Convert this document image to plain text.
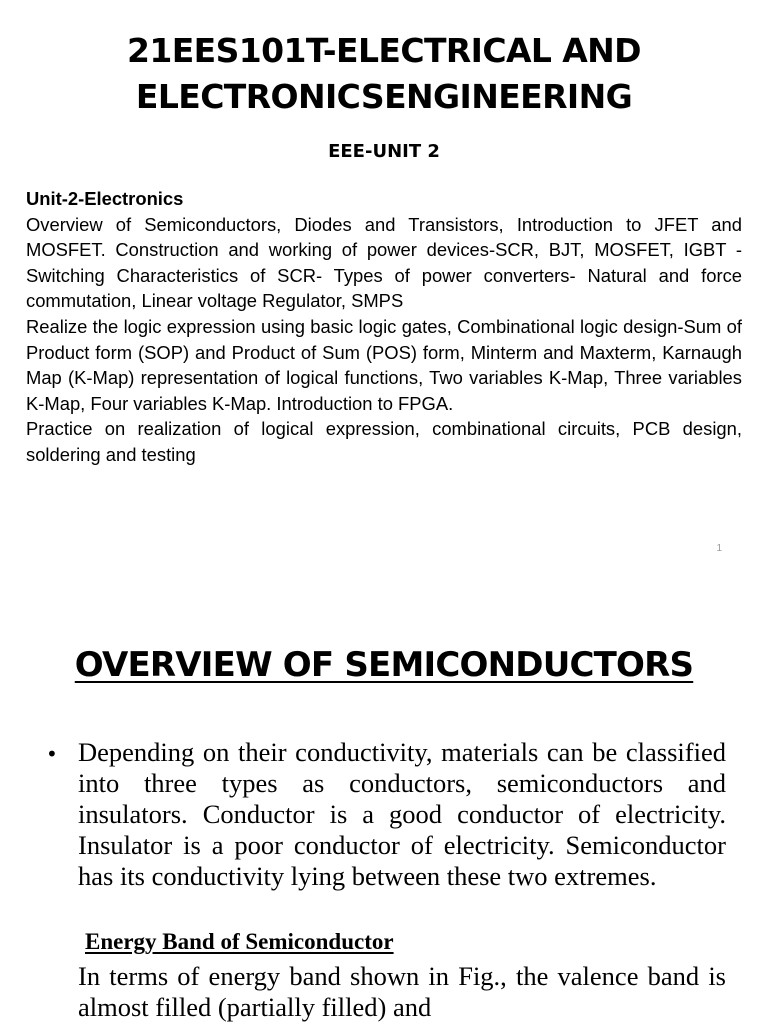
21EES101T-ELECTRICAL AND
ELECTRONICSENGINEERING
EEE-UNIT 2

Unit-2-Electronics

Overview of Semiconductors, Diodes and Transistors, Introduction to JFET and MOSFET. Construction and working of power devices-SCR, BJT, MOSFET, IGBT -Switching Characteristics of SCR- Types of power converters- Natural and force commutation, Linear voltage Regulator, SMPS

Realize the logic expression using basic logic gates, Combinational logic design-Sum of Product form (SOP) and Product of Sum (POS) form, Minterm and Maxterm, Karnaugh Map (K-Map) representation of logical functions, Two variables K-Map, Three variables K-Map, Four variables K-Map. Introduction to FPGA.

Practice on realization of logical expression, combinational circuits, PCB design, soldering and testing

1
OVERVIEW OF SEMICONDUCTORS
• Depending on their conductivity, materials can be classified into three types as conductors, semiconductors and insulators. Conductor is a good conductor of electricity. Insulator is a poor conductor of electricity. Semiconductor has its conductivity lying between these two extremes.

Energy Band of Semiconductor

In terms of energy band shown in Fig., the valence band is almost filled (partially filled) and
